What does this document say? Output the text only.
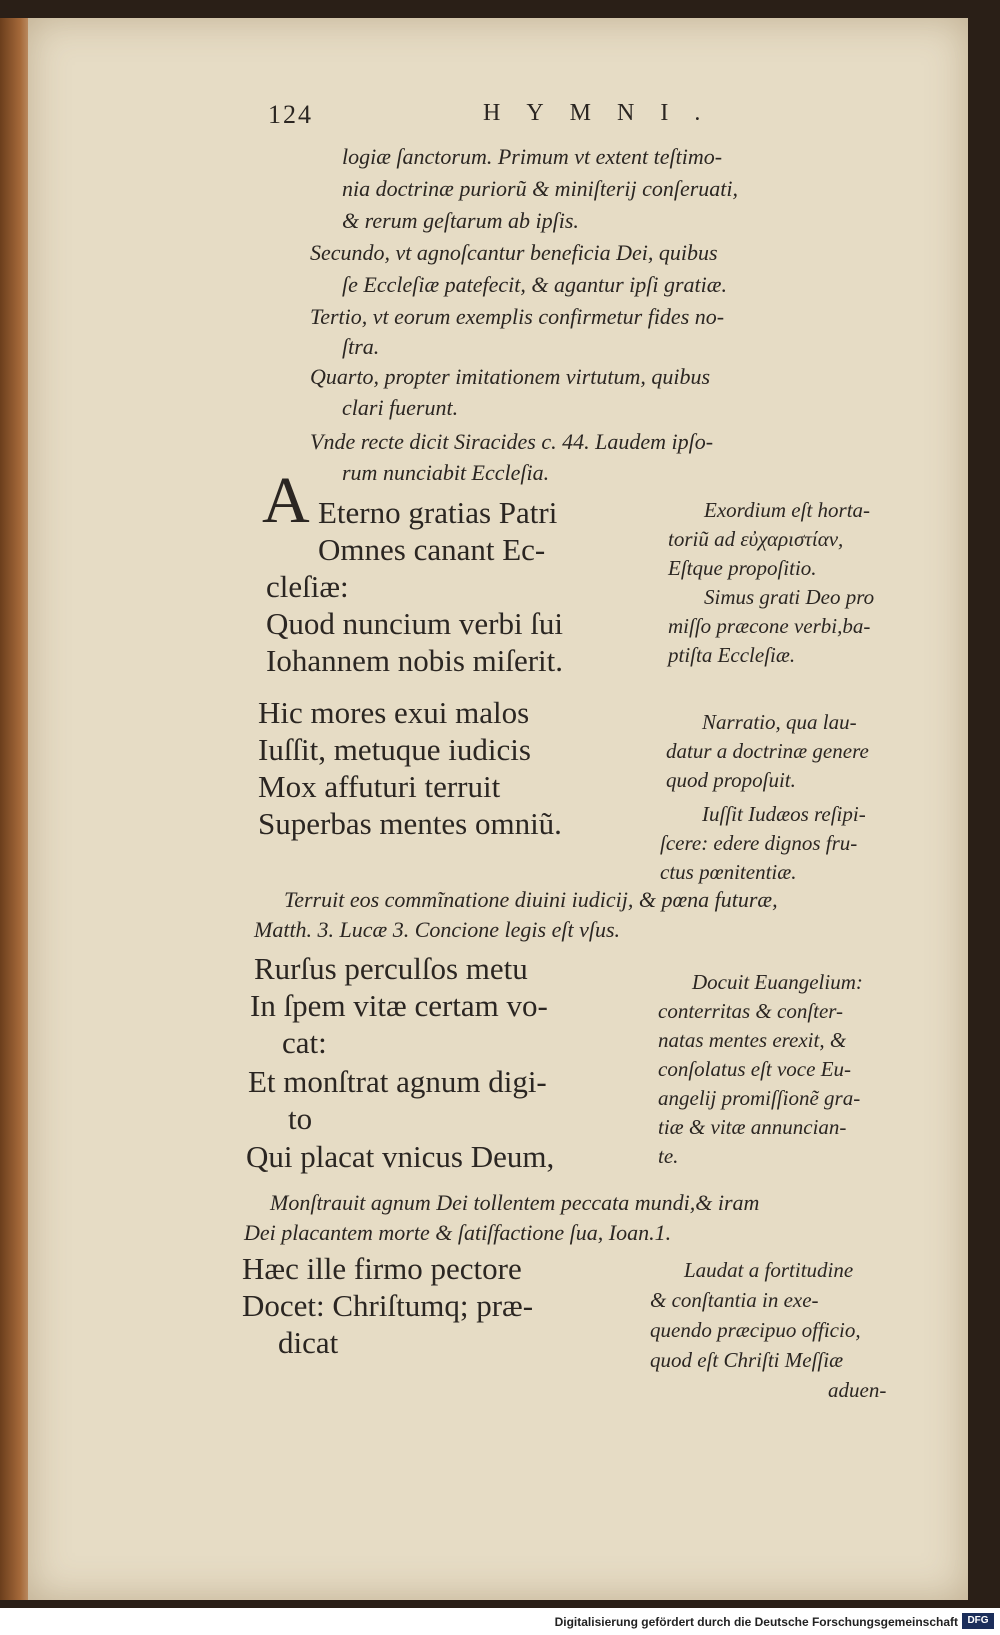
124	HYMNI.
logiæ ſanctorum. Primum vt extent teſtimo-
nia doctrinæ puriorũ & miniſterij conſeruati,
& rerum geſtarum ab ipſis.
Secundo, vt agnoſcantur beneficia Dei, quibus
ſe Eccleſiæ patefecit, & agantur ipſi gratiæ.
Tertio, vt eorum exemplis confirmetur fides no-
ſtra.
Quarto, propter imitationem virtutum, quibus
clari fuerunt.
Vnde recte dicit Siracides c. 44. Laudem ipſo-
rum nunciabit Eccleſia.
A Eterno gratias Patri
Omnes canant Ec-
cleſiæ:
Quod nuncium verbi ſui
Iohannem nobis miſerit.
Exordium eſt horta-
toriũ ad εὐχαριστίαν,
Eſtque propoſitio.
Simus grati Deo pro
miſſo præcone verbi,ba-
ptiſta Eccleſiæ.
Hic mores exui malos
Iuſſit, metuque iudicis
Mox affuturi terruit
Superbas mentes omniũ.
Narratio, qua lau-
datur a doctrinæ genere
quod propoſuit.
Iuſſit Iudæos reſipi-
ſcere: edere dignos fru-
ctus pœnitentiæ.
Terruit eos commĩnatione diuini iudicij, & pœna futuræ,
Matth. 3. Lucæ 3. Concione legis eſt vſus.
Rurſus perculſos metu
In ſpem vitæ certam vo-
cat:
Et monſtrat agnum digi-
to
Qui placat vnicus Deum,
Docuit Euangelium:
conterritas & conſter-
natas mentes erexit, &
conſolatus eſt voce Eu-
angelij promiſſionẽ gra-
tiæ & vitæ annuncian-
te.
Monſtrauit agnum Dei tollentem peccata mundi,& iram
Dei placantem morte & ſatiſfactione ſua, Ioan.1.
Hæc ille firmo pectore
Docet: Chriſtumq; præ-
dicat
Laudat a fortitudine
& conſtantia in exe-
quendo præcipuo officio,
quod eſt Chriſti Meſſiæ
aduen-
Digitalisierung gefördert durch die Deutsche Forschungsgemeinschaft DFG
